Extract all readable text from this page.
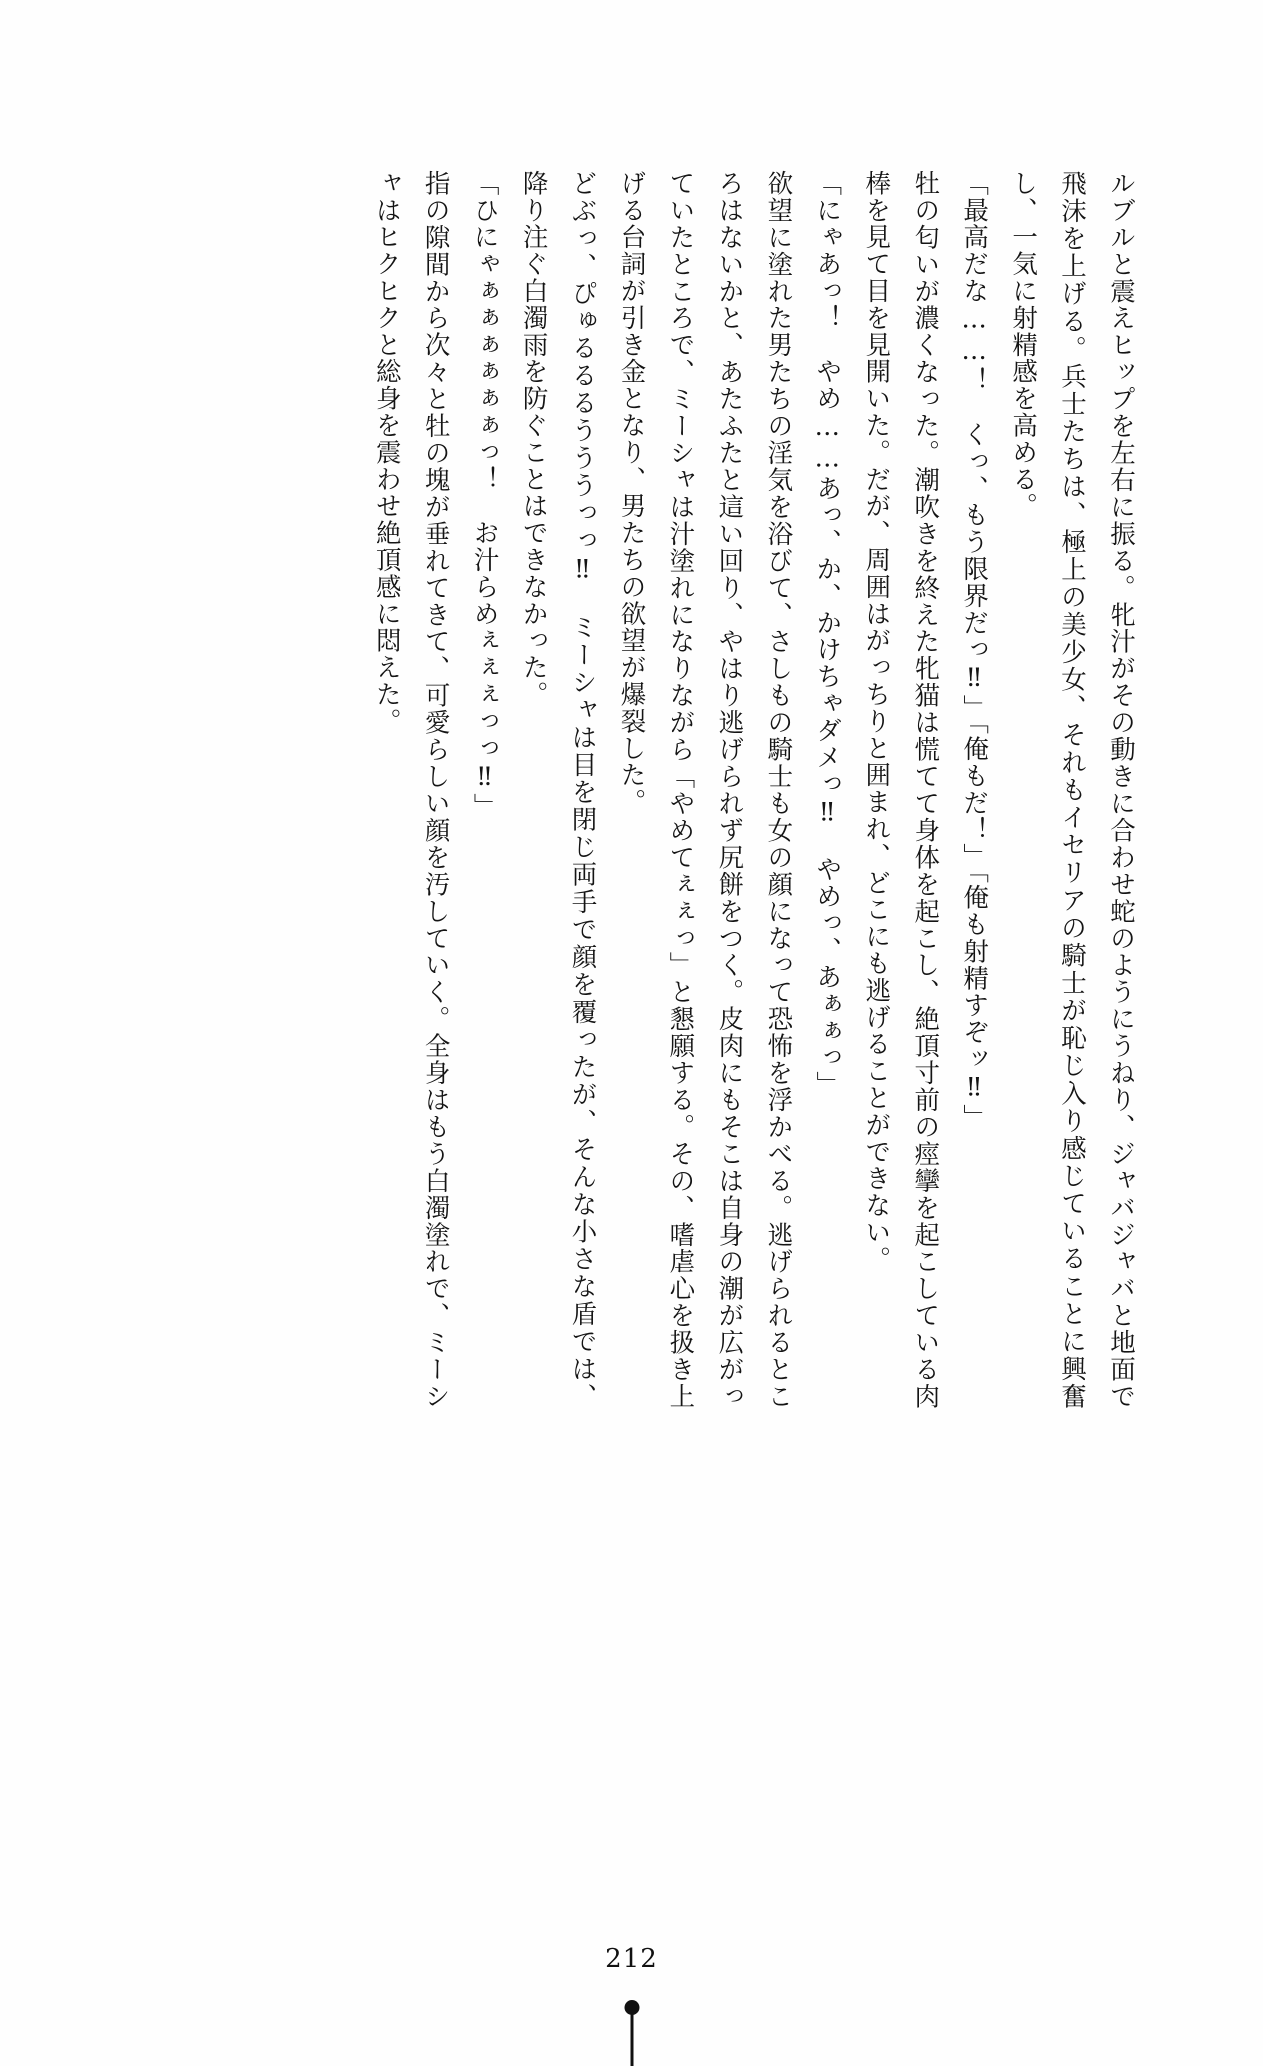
ルブルと震えヒップを左右に振る。牝汁がその動きに合わせ蛇のようにうねり、ジャバジャバと地面で飛沫を上げる。兵士たちは、極上の美少女、それもイセリアの騎士が恥じ入り感じていることに興奮し、一気に射精感を高める。

「最高だな……！　くっ、もう限界だっ‼」「俺もだ！」「俺も射精すぞッ‼」

牡の匂いが濃くなった。潮吹きを終えた牝猫は慌てて身体を起こし、絶頂寸前の痙攣を起こしている肉棒を見て目を見開いた。だが、周囲はがっちりと囲まれ、どこにも逃げることができない。

「にゃあっ！　やめ……あっ、か、かけちゃダメっ‼　やめっ、あぁぁっ」

欲望に塗れた男たちの淫気を浴びて、さしもの騎士も女の顔になって恐怖を浮かべる。逃げられるところはないかと、あたふたと這い回り、やはり逃げられず尻餅をつく。皮肉にもそこは自身の潮が広がっていたところで、ミーシャは汁塗れになりながら「やめてぇぇっ」と懇願する。その、嗜虐心を扱き上げる台詞が引き金となり、男たちの欲望が爆裂した。

どぶっ、ぴゅるるるうううっっ‼　ミーシャは目を閉じ両手で顔を覆ったが、そんな小さな盾では、降り注ぐ白濁雨を防ぐことはできなかった。

「ひにゃぁぁぁぁぁぁっ！　お汁らめぇぇぇっっ‼」

指の隙間から次々と牡の塊が垂れてきて、可愛らしい顔を汚していく。全身はもう白濁塗れで、ミーシャはヒクヒクと総身を震わせ絶頂感に悶えた。

212
